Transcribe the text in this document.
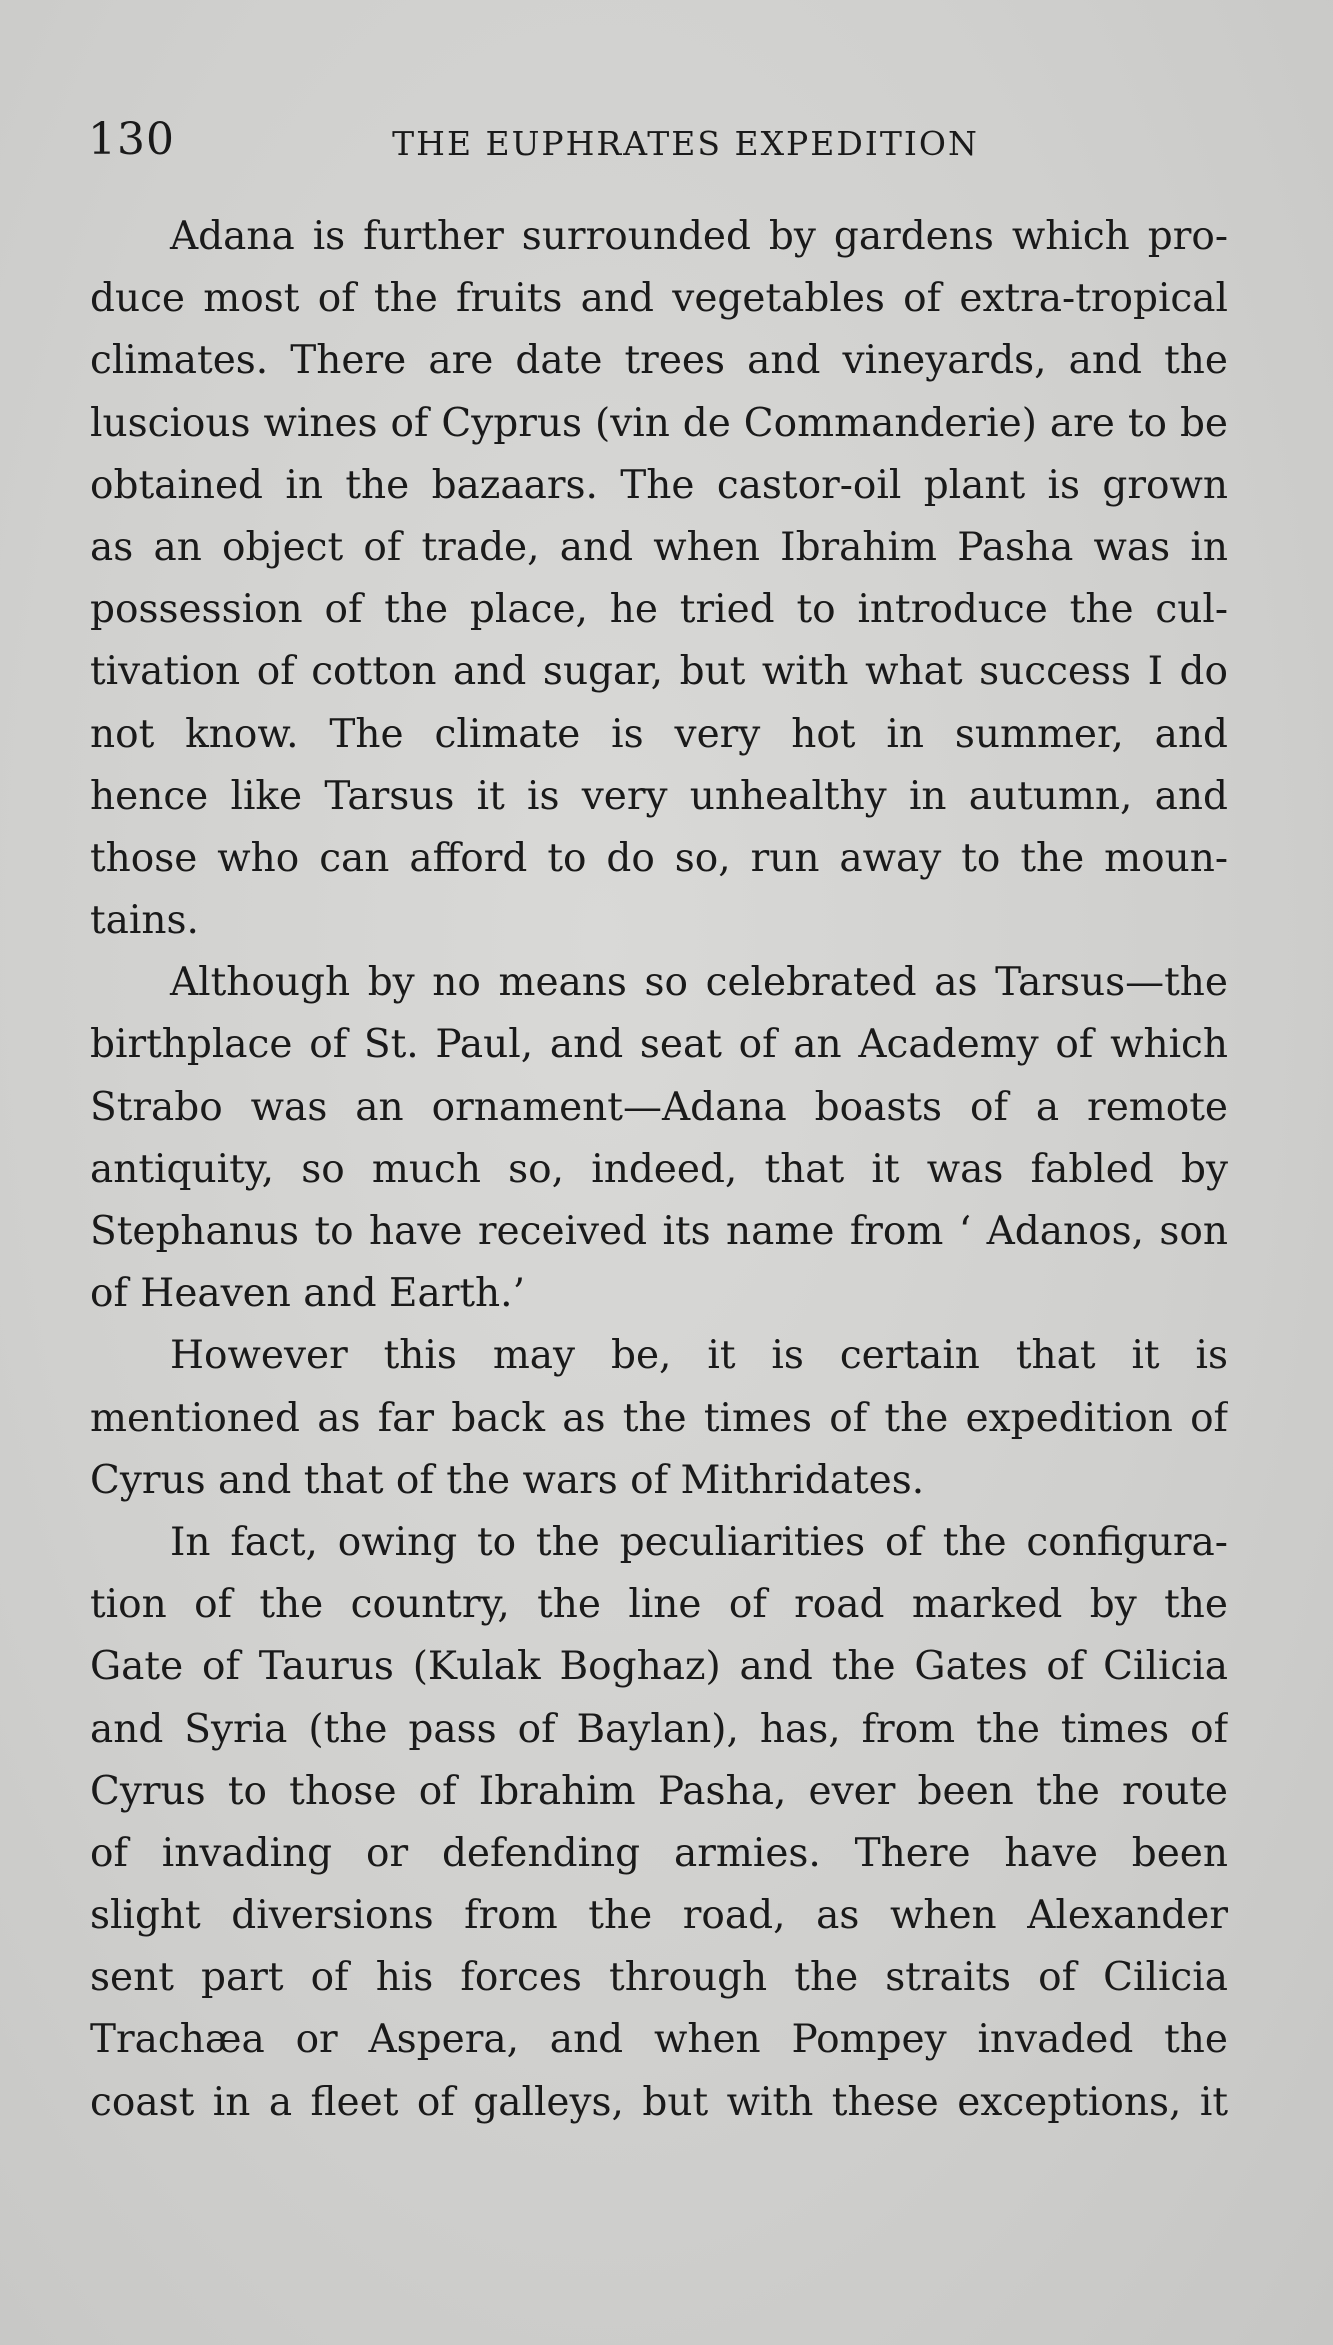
130	THE EUPHRATES EXPEDITION
Adana is further surrounded by gardens which pro-
duce most of the fruits and vegetables of extra-tropical
climates. There are date trees and vineyards, and the
luscious wines of Cyprus (vin de Commanderie) are to be
obtained in the bazaars. The castor-oil plant is grown
as an object of trade, and when Ibrahim Pasha was in
possession of the place, he tried to introduce the cul-
tivation of cotton and sugar, but with what success I do
not know. The climate is very hot in summer, and
hence like Tarsus it is very unhealthy in autumn, and
those who can afford to do so, run away to the moun-
tains.
Although by no means so celebrated as Tarsus—the
birthplace of St. Paul, and seat of an Academy of which
Strabo was an ornament—Adana boasts of a remote
antiquity, so much so, indeed, that it was fabled by
Stephanus to have received its name from ‘ Adanos, son
of Heaven and Earth.’
However this may be, it is certain that it is
mentioned as far back as the times of the expedition of
Cyrus and that of the wars of Mithridates.
In fact, owing to the peculiarities of the configura-
tion of the country, the line of road marked by the
Gate of Taurus (Kulak Boghaz) and the Gates of Cilicia
and Syria (the pass of Baylan), has, from the times of
Cyrus to those of Ibrahim Pasha, ever been the route
of invading or defending armies. There have been
slight diversions from the road, as when Alexander
sent part of his forces through the straits of Cilicia
Trachæa or Aspera, and when Pompey invaded the
coast in a fleet of galleys, but with these exceptions, it
